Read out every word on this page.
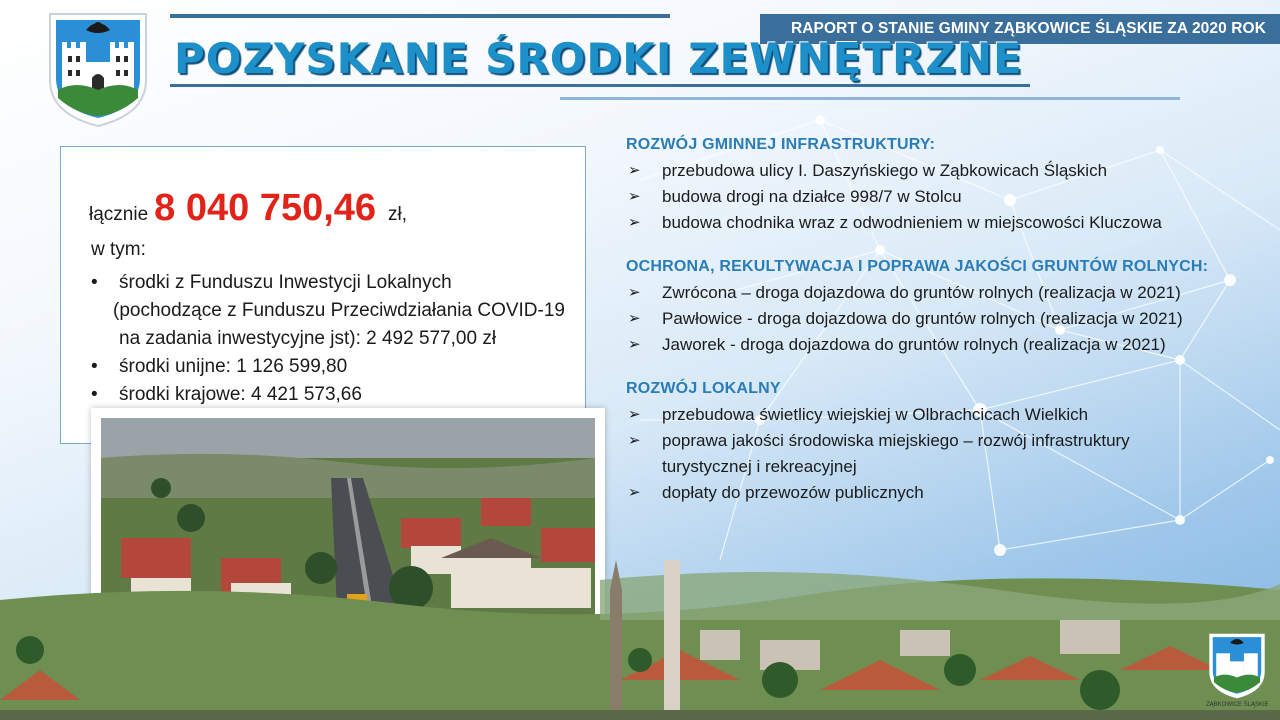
RAPORT O STANIE GMINY ZĄBKOWICE ŚLĄSKIE ZA 2020 ROK
POZYSKANE ŚRODKI ZEWNĘTRZNE
łącznie 8 040 750,46 zł,
w tym:
• środki z Funduszu Inwestycji Lokalnych
(pochodzące z Funduszu Przeciwdziałania COVID-19
na zadania inwestycyjne jst): 2 492 577,00 zł
• środki unijne: 1 126 599,80
• środki krajowe: 4 421 573,66
ROZWÓJ GMINNEJ INFRASTRUKTURY:
➢ przebudowa ulicy I. Daszyńskiego w Ząbkowicach Śląskich
➢ budowa drogi na działce 998/7 w Stolcu
➢ budowa chodnika wraz z odwodnieniem w miejscowości Kluczowa
OCHRONA, REKULTYWACJA I POPRAWA JAKOŚCI GRUNTÓW ROLNYCH:
➢ Zwrócona – droga dojazdowa do gruntów rolnych (realizacja w 2021)
➢ Pawłowice - droga dojazdowa do gruntów rolnych (realizacja w 2021)
➢ Jaworek - droga dojazdowa do gruntów rolnych (realizacja w 2021)
ROZWÓJ LOKALNY
➢ przebudowa świetlicy wiejskiej w Olbrachcicach Wielkich
➢ poprawa jakości środowiska miejskiego – rozwój infrastruktury turystycznej i rekreacyjnej
➢ dopłaty do przewozów publicznych
ZĄBKOWICE ŚLĄSKIE
